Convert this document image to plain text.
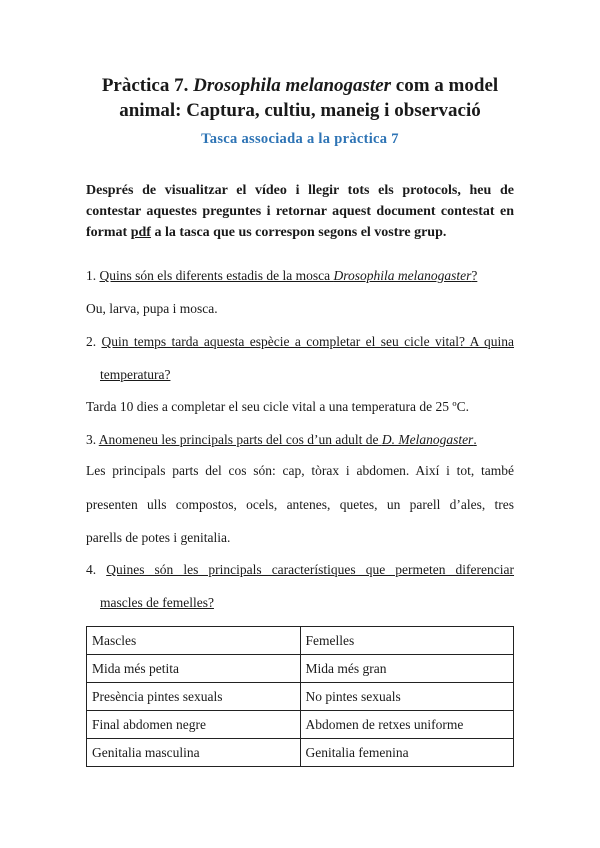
Pràctica 7. Drosophila melanogaster com a model
animal: Captura, cultiu, maneig i observació
Tasca associada a la pràctica 7
Després de visualitzar el vídeo i llegir tots els protocols, heu de contestar aquestes preguntes i retornar aquest document contestat en format pdf a la tasca que us correspon segons el vostre grup.
1. Quins són els diferents estadis de la mosca Drosophila melanogaster?
Ou, larva, pupa i mosca.
2. Quin temps tarda aquesta espècie a completar el seu cicle vital? A quina
temperatura?
Tarda 10 dies a completar el seu cicle vital a una temperatura de 25 ºC.
3. Anomeneu les principals parts del cos d’un adult de D. Melanogaster.
Les principals parts del cos són: cap, tòrax i abdomen. Així i tot, també
presenten ulls compostos, ocels, antenes, quetes, un parell d’ales, tres
parells de potes i genitalia.
4. Quines són les principals característiques que permeten diferenciar
mascles de femelles?
Mascles	Femelles
Mida més petita	Mida més gran
Presència pintes sexuals	No pintes sexuals
Final abdomen negre	Abdomen de retxes uniforme
Genitalia masculina	Genitalia femenina
